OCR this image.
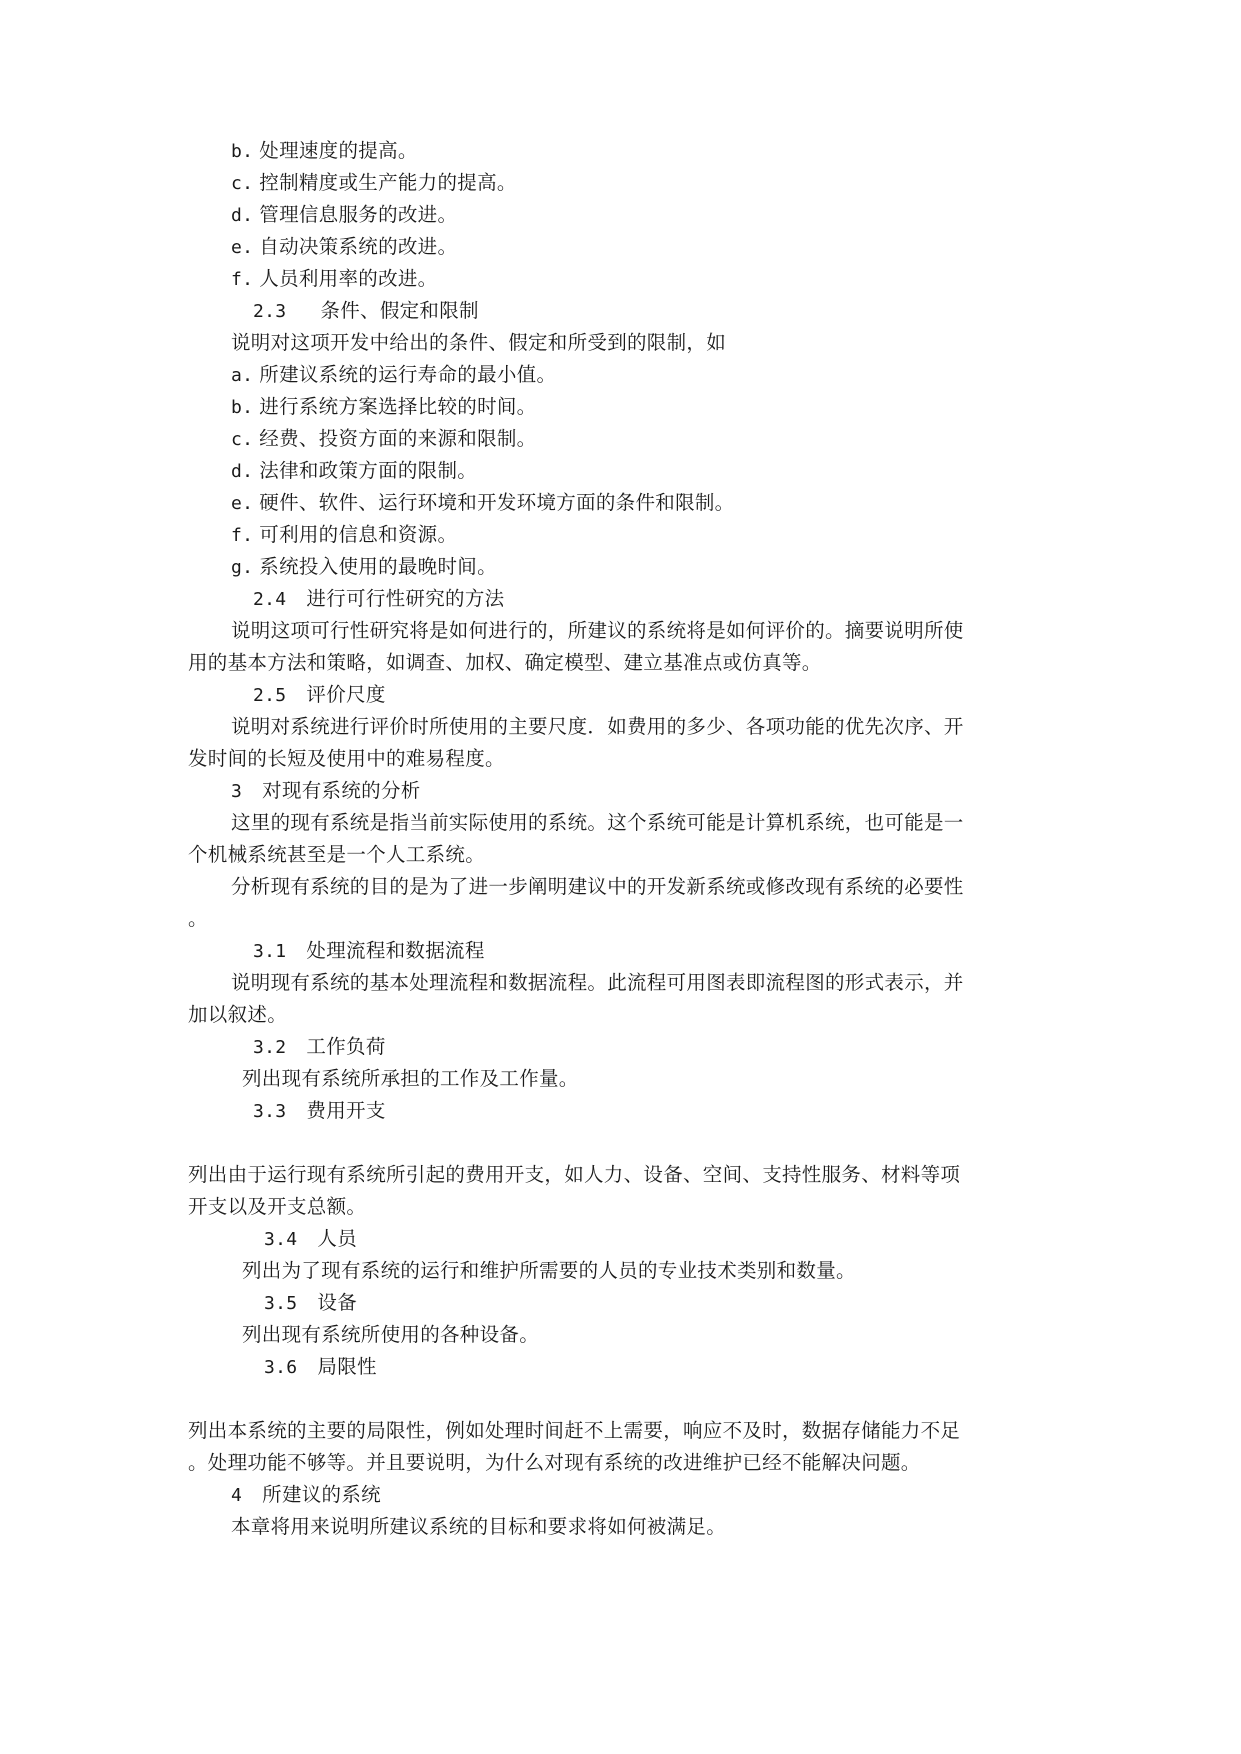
b. 处理速度的提高。
c. 控制精度或生产能力的提高。
d. 管理信息服务的改进。
e. 自动决策系统的改进。
f. 人员利用率的改进。
2.3 条件、假定和限制
说明对这项开发中给出的条件、假定和所受到的限制，如
a. 所建议系统的运行寿命的最小值。
b. 进行系统方案选择比较的时间。
c. 经费、投资方面的来源和限制。
d. 法律和政策方面的限制。
e. 硬件、软件、运行环境和开发环境方面的条件和限制。
f. 可利用的信息和资源。
g. 系统投入使用的最晚时间。
2.4 进行可行性研究的方法
说明这项可行性研究将是如何进行的，所建议的系统将是如何评价的。摘要说明所使
用的基本方法和策略，如调查、加权、确定模型、建立基准点或仿真等。
2.5 评价尺度
说明对系统进行评价时所使用的主要尺度．如费用的多少、各项功能的优先次序、开
发时间的长短及使用中的难易程度。
3 对现有系统的分析
这里的现有系统是指当前实际使用的系统。这个系统可能是计算机系统，也可能是一
个机械系统甚至是一个人工系统。
分析现有系统的目的是为了进一步阐明建议中的开发新系统或修改现有系统的必要性
。
3.1 处理流程和数据流程
说明现有系统的基本处理流程和数据流程。此流程可用图表即流程图的形式表示，并
加以叙述。
3.2 工作负荷
列出现有系统所承担的工作及工作量。
3.3 费用开支
列出由于运行现有系统所引起的费用开支，如人力、设备、空间、支持性服务、材料等项
开支以及开支总额。
3.4 人员
列出为了现有系统的运行和维护所需要的人员的专业技术类别和数量。
3.5 设备
列出现有系统所使用的各种设备。
3.6 局限性
列出本系统的主要的局限性，例如处理时间赶不上需要，响应不及时，数据存储能力不足
。处理功能不够等。并且要说明，为什么对现有系统的改进维护已经不能解决问题。
4 所建议的系统
本章将用来说明所建议系统的目标和要求将如何被满足。
